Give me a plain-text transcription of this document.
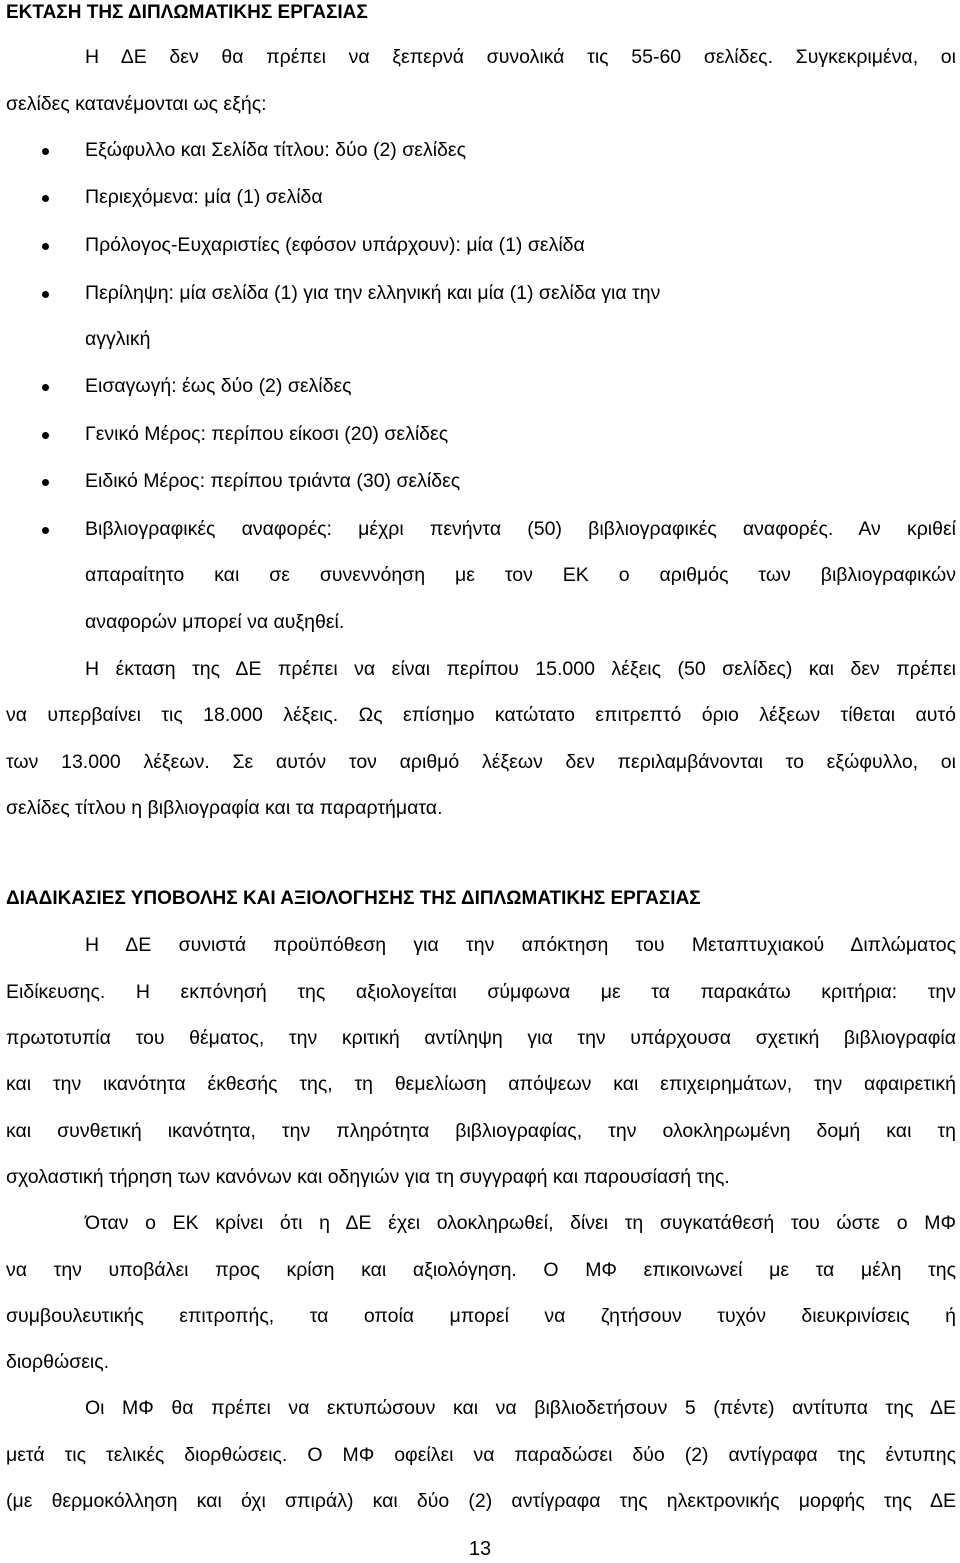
ΕΚΤΑΣΗ ΤΗΣ ΔΙΠΛΩΜΑΤΙΚΗΣ ΕΡΓΑΣΙΑΣ
Η ΔΕ δεν θα πρέπει να ξεπερνά συνολικά τις 55-60 σελίδες. Συγκεκριμένα, οι
σελίδες κατανέμονται ως εξής:
Εξώφυλλο και Σελίδα τίτλου: δύο (2) σελίδες
Περιεχόμενα: μία (1) σελίδα
Πρόλογος-Ευχαριστίες (εφόσον υπάρχουν): μία (1) σελίδα
Περίληψη: μία σελίδα (1) για την ελληνική και μία (1) σελίδα για την
αγγλική
Εισαγωγή: έως δύο (2) σελίδες
Γενικό Μέρος: περίπου είκοσι (20) σελίδες
Ειδικό Μέρος: περίπου τριάντα (30) σελίδες
Βιβλιογραφικές αναφορές: μέχρι πενήντα (50) βιβλιογραφικές αναφορές. Αν κριθεί
απαραίτητο και σε συνεννόηση με τον ΕΚ ο αριθμός των βιβλιογραφικών
αναφορών μπορεί να αυξηθεί.
Η έκταση της ΔΕ πρέπει να είναι περίπου 15.000 λέξεις (50 σελίδες) και δεν πρέπει
να υπερβαίνει τις 18.000 λέξεις. Ως επίσημο κατώτατο επιτρεπτό όριο λέξεων τίθεται αυτό
των 13.000 λέξεων. Σε αυτόν τον αριθμό λέξεων δεν περιλαμβάνονται το εξώφυλλο, οι
σελίδες τίτλου η βιβλιογραφία και τα παραρτήματα.
ΔΙΑΔΙΚΑΣΙΕΣ ΥΠΟΒΟΛΗΣ ΚΑΙ ΑΞΙΟΛΟΓΗΣΗΣ ΤΗΣ ΔΙΠΛΩΜΑΤΙΚΗΣ ΕΡΓΑΣΙΑΣ
Η ΔΕ συνιστά προϋπόθεση για την απόκτηση του Μεταπτυχιακού Διπλώματος
Ειδίκευσης. Η εκπόνησή της αξιολογείται σύμφωνα με τα παρακάτω κριτήρια: την
πρωτοτυπία του θέματος, την κριτική αντίληψη για την υπάρχουσα σχετική βιβλιογραφία
και την ικανότητα έκθεσής της, τη θεμελίωση απόψεων και επιχειρημάτων, την αφαιρετική
και συνθετική ικανότητα, την πληρότητα βιβλιογραφίας, την ολοκληρωμένη δομή και τη
σχολαστική τήρηση των κανόνων και οδηγιών για τη συγγραφή και παρουσίασή της.
Όταν ο ΕΚ κρίνει ότι η ΔΕ έχει ολοκληρωθεί, δίνει τη συγκατάθεσή του ώστε ο ΜΦ
να την υποβάλει προς κρίση και αξιολόγηση. Ο ΜΦ επικοινωνεί με τα μέλη της
συμβουλευτικής επιτροπής, τα οποία μπορεί να ζητήσουν τυχόν διευκρινίσεις ή
διορθώσεις.
Οι ΜΦ θα πρέπει να εκτυπώσουν και να βιβλιοδετήσουν 5 (πέντε) αντίτυπα της ΔΕ
μετά τις τελικές διορθώσεις. Ο ΜΦ οφείλει να παραδώσει δύο (2) αντίγραφα της έντυπης
(με θερμοκόλληση και όχι σπιράλ) και δύο (2) αντίγραφα της ηλεκτρονικής μορφής της ΔΕ
13
